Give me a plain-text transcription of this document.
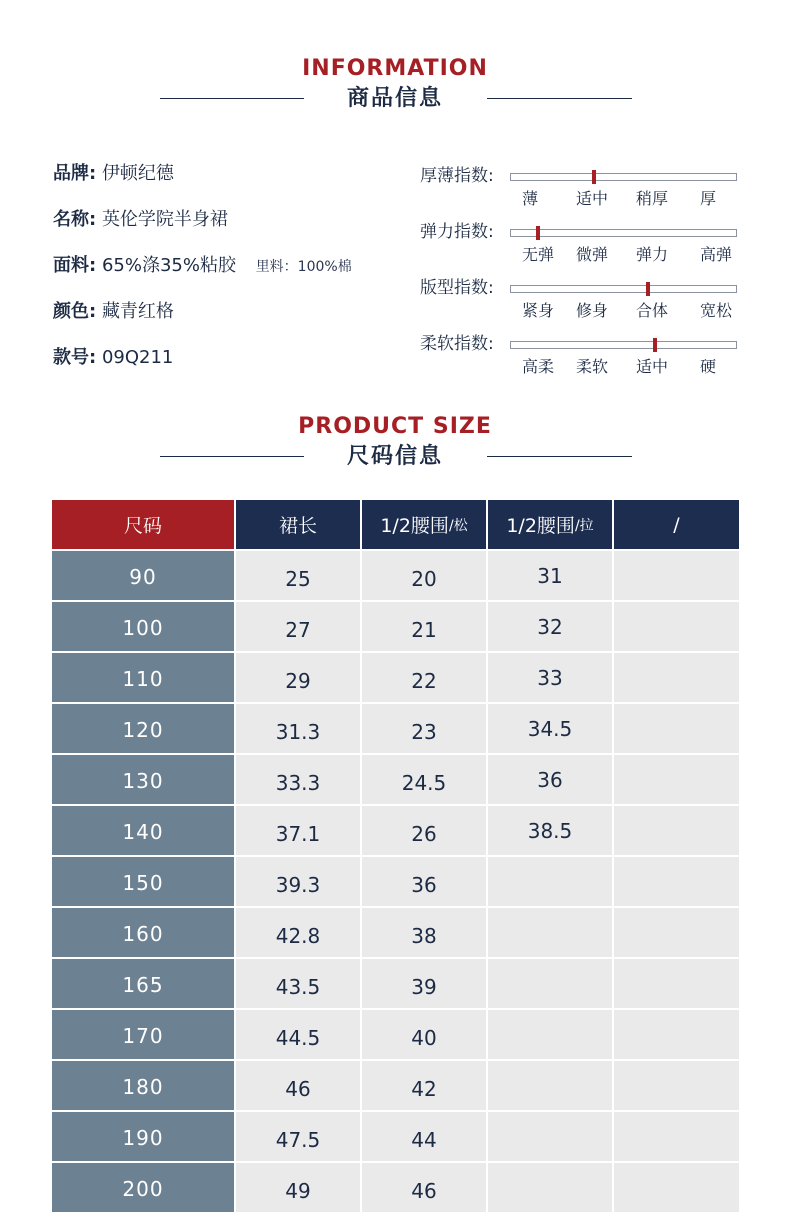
INFORMATION
商品信息
品牌: 伊顿纪德
名称: 英伦学院半身裙
面料: 65%涤35%粘胶 里料：100%棉
颜色: 藏青红格
款号: 09Q211
厚薄指数:
薄 适中 稍厚 厚
弹力指数:
无弹 微弹 弹力 高弹
版型指数:
紧身 修身 合体 宽松
柔软指数:
高柔 柔软 适中 硬
PRODUCT SIZE
尺码信息
尺码	裙长	1/2腰围 /松 1/2腰围 /拉	/
90	25	20	31
100	27	21	32
110	29	22	33
120	31.3	23	34.5
130	33.3	24.5	36
140	37.1	26	38.5
150	39.3	36
160	42.8	38
165	43.5	39
170	44.5	40
180	46	42
190	47.5	44
200	49	46
